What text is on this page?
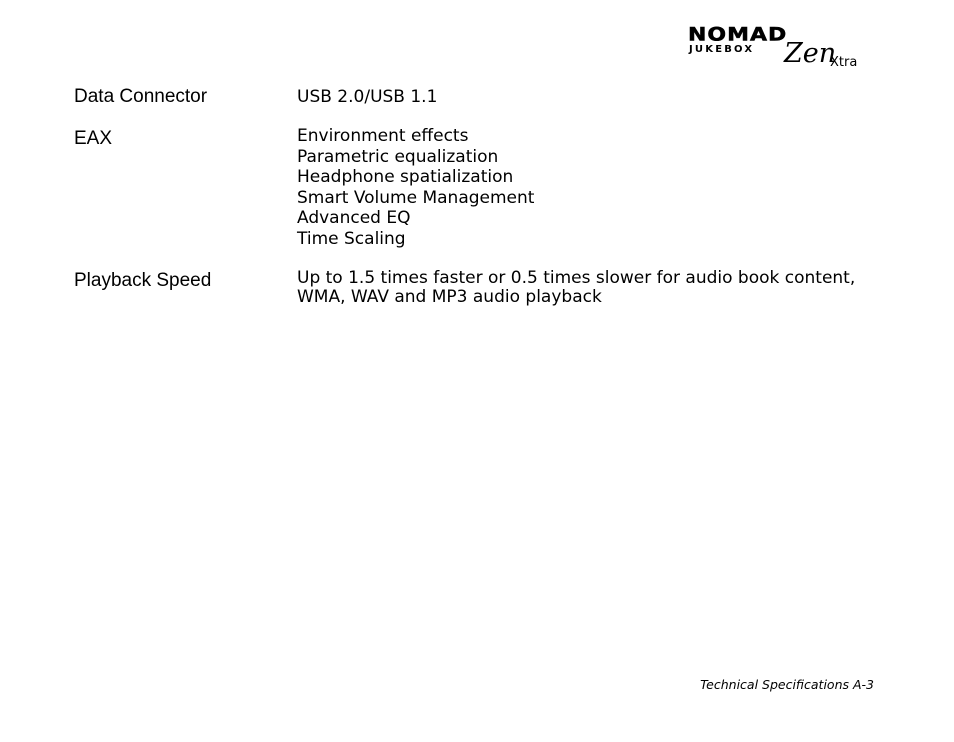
NOMAD
JUKEBOX Zen
Xtra
Data Connector	USB 2.0/USB 1.1
EAX	Environment effects
Parametric equalization
Headphone spatialization
Smart Volume Management
Advanced EQ
Time Scaling
Playback Speed	Up to 1.5 times faster or 0.5 times slower for audio book content,
WMA, WAV and MP3 audio playback
Technical Specifications A-3
